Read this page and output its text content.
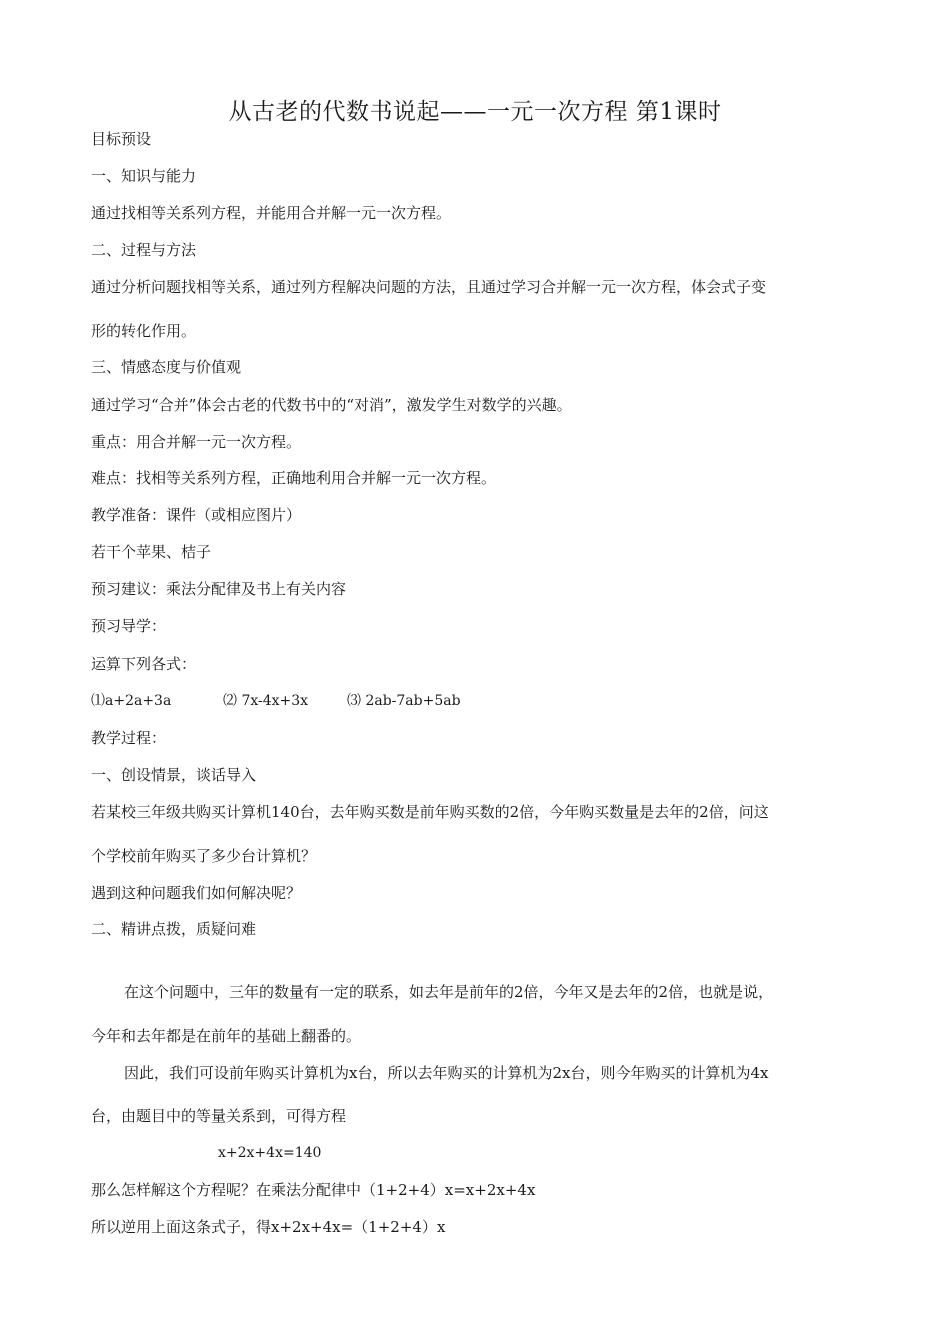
从古老的代数书说起——一元一次方程 第1课时
目标预设
一、知识与能力
通过找相等关系列方程，并能用合并解一元一次方程。
二、过程与方法
通过分析问题找相等关系，通过列方程解决问题的方法，且通过学习合并解一元一次方程，体会式子变
形的转化作用。
三、情感态度与价值观
通过学习“合并”体会古老的代数书中的“对消”，激发学生对数学的兴趣。
重点：用合并解一元一次方程。
难点：找相等关系列方程，正确地利用合并解一元一次方程。
教学准备：课件（或相应图片）
若干个苹果、桔子
预习建议：乘法分配律及书上有关内容
预习导学：
运算下列各式：
⑴a+2a+3a	⑵ 7x-4x+3x	⑶ 2ab-7ab+5ab
教学过程：
一、创设情景，谈话导入
若某校三年级共购买计算机140台，去年购买数是前年购买数的2倍，今年购买数量是去年的2倍，问这
个学校前年购买了多少台计算机？
遇到这种问题我们如何解决呢？
二、精讲点拨，质疑问难
在这个问题中，三年的数量有一定的联系，如去年是前年的2倍，今年又是去年的2倍，也就是说，
今年和去年都是在前年的基础上翻番的。
因此，我们可设前年购买计算机为x台，所以去年购买的计算机为2x台，则今年购买的计算机为4x
台，由题目中的等量关系到，可得方程
x+2x+4x=140
那么怎样解这个方程呢？在乘法分配律中（1+2+4）x=x+2x+4x
所以逆用上面这条式子，得x+2x+4x=（1+2+4）x
